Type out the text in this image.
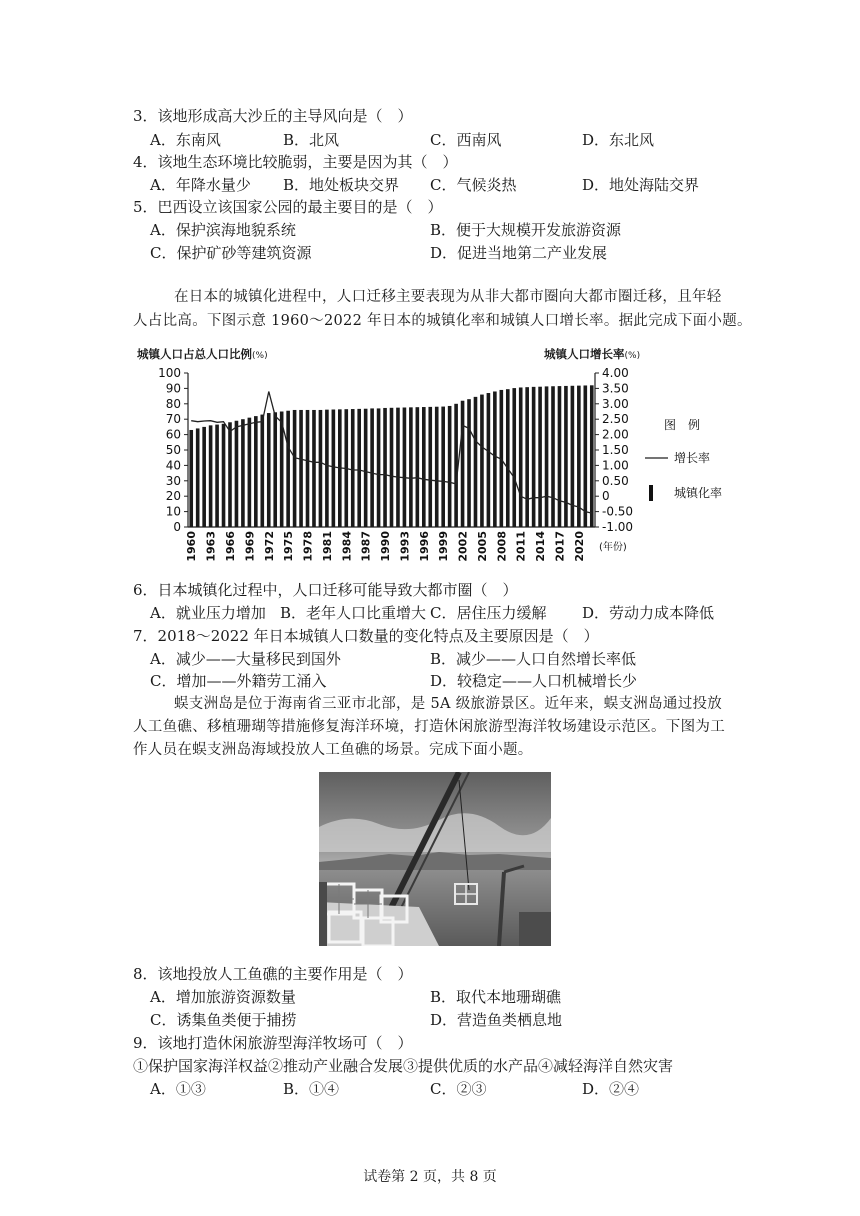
3．该地形成高大沙丘的主导风向是（　）
A．东南风	B．北风	C．西南风	D．东北风
4．该地生态环境比较脆弱，主要是因为其（　）
A．年降水量少 B．地处板块交界 C．气候炎热	D．地处海陆交界
5．巴西设立该国家公园的最主要目的是（　）
A．保护滨海地貌系统	B．便于大规模开发旅游资源
C．保护矿砂等建筑资源	D．促进当地第二产业发展
在日本的城镇化进程中，人口迁移主要表现为从非大都市圈向大都市圈迁移，且年轻
人占比高。下图示意 1960～2022 年日本的城镇化率和城镇人口增长率。据此完成下面小题。
城镇人口占总人口比例(%)	城镇人口增长率(%)
100
90
80
70
60
50
40
30
20
10
0
4.00
3.50
3.00
2.50
2.00
1.50
1.00
0.50
0
-0.50
-1.00
1960 1963 1966 1969 1972 1975 1978 1981 1984 1987 1990 1993 1996 1999 2002 2005 2008 2011 2014 2017 2020 (年份)
图　例
增长率
城镇化率
6．日本城镇化过程中，人口迁移可能导致大都市圈（　）
A．就业压力增加 B．老年人口比重增大 C．居住压力缓解 D．劳动力成本降低
7．2018～2022 年日本城镇人口数量的变化特点及主要原因是（　）
A．减少——大量移民到国外	B．减少——人口自然增长率低
C．增加——外籍劳工涌入	D．较稳定——人口机械增长少
蜈支洲岛是位于海南省三亚市北部，是 5A 级旅游景区。近年来，蜈支洲岛通过投放
人工鱼礁、移植珊瑚等措施修复海洋环境，打造休闲旅游型海洋牧场建设示范区。下图为工
作人员在蜈支洲岛海域投放人工鱼礁的场景。完成下面小题。
8．该地投放人工鱼礁的主要作用是（　）
A．增加旅游资源数量	B．取代本地珊瑚礁
C．诱集鱼类便于捕捞	D．营造鱼类栖息地
9．该地打造休闲旅游型海洋牧场可（　）
①保护国家海洋权益②推动产业融合发展③提供优质的水产品④减轻海洋自然灾害
A．①③	B．①④	C．②③	D．②④
试卷第 2 页，共 8 页
